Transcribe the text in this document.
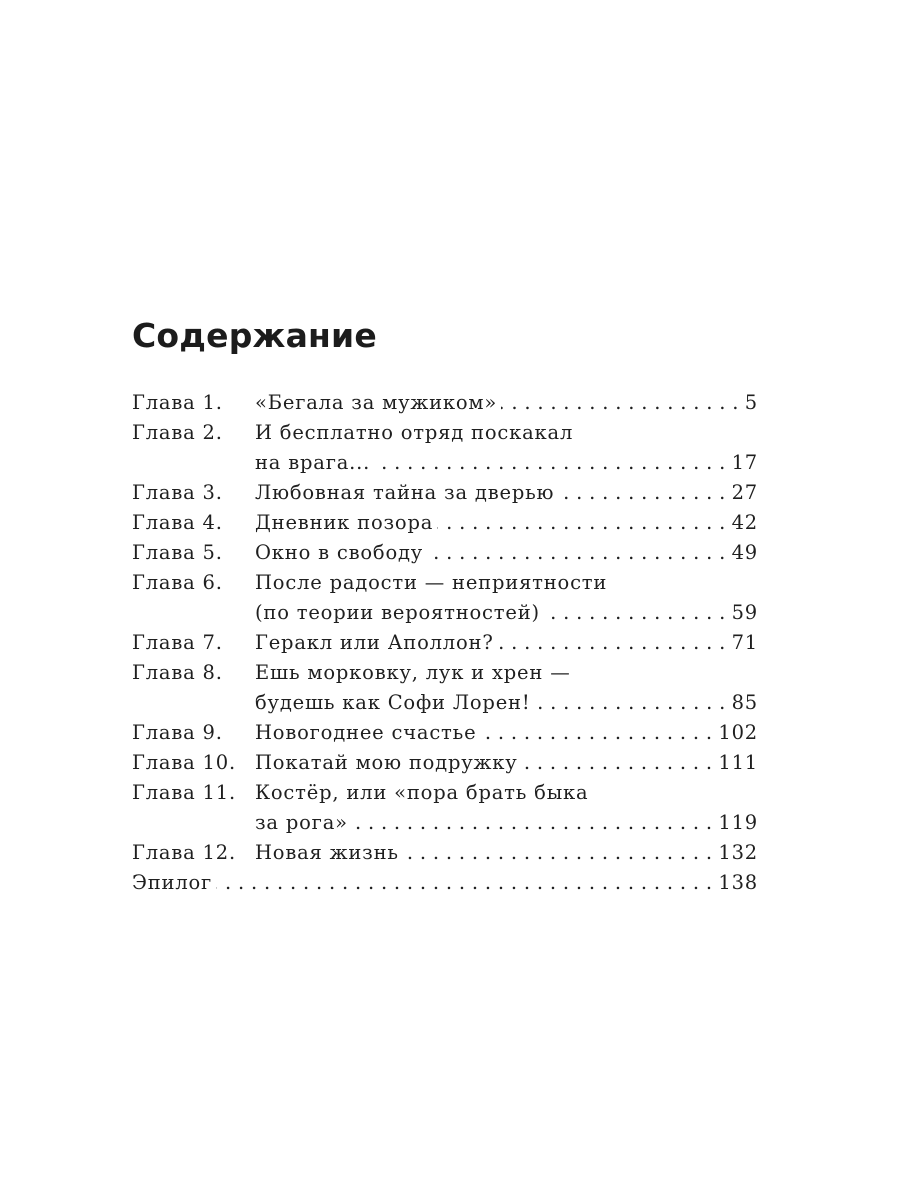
Содержание
Глава 1.	«Бегала за мужиком» . . .	5
Глава 2.	И бесплатно отряд поскакал
на врага... . . .	17
Глава 3.	Любовная тайна за дверью . . .	27
Глава 4.	Дневник позора . . .	42
Глава 5.	Окно в свободу . . .	49
Глава 6.	После радости — неприятности
(по теории вероятностей) . . .	59
Глава 7.	Геракл или Аполлон? . . .	71
Глава 8.	Ешь морковку, лук и хрен —
будешь как Софи Лорен! . . .	85
Глава 9.	Новогоднее счастье . . .	102
Глава 10. Покатай мою подружку . . .	111
Глава 11. Костёр, или «пора брать быка
за рога» . . .	119
Глава 12. Новая жизнь . . .	132
Эпилог . . .	138
